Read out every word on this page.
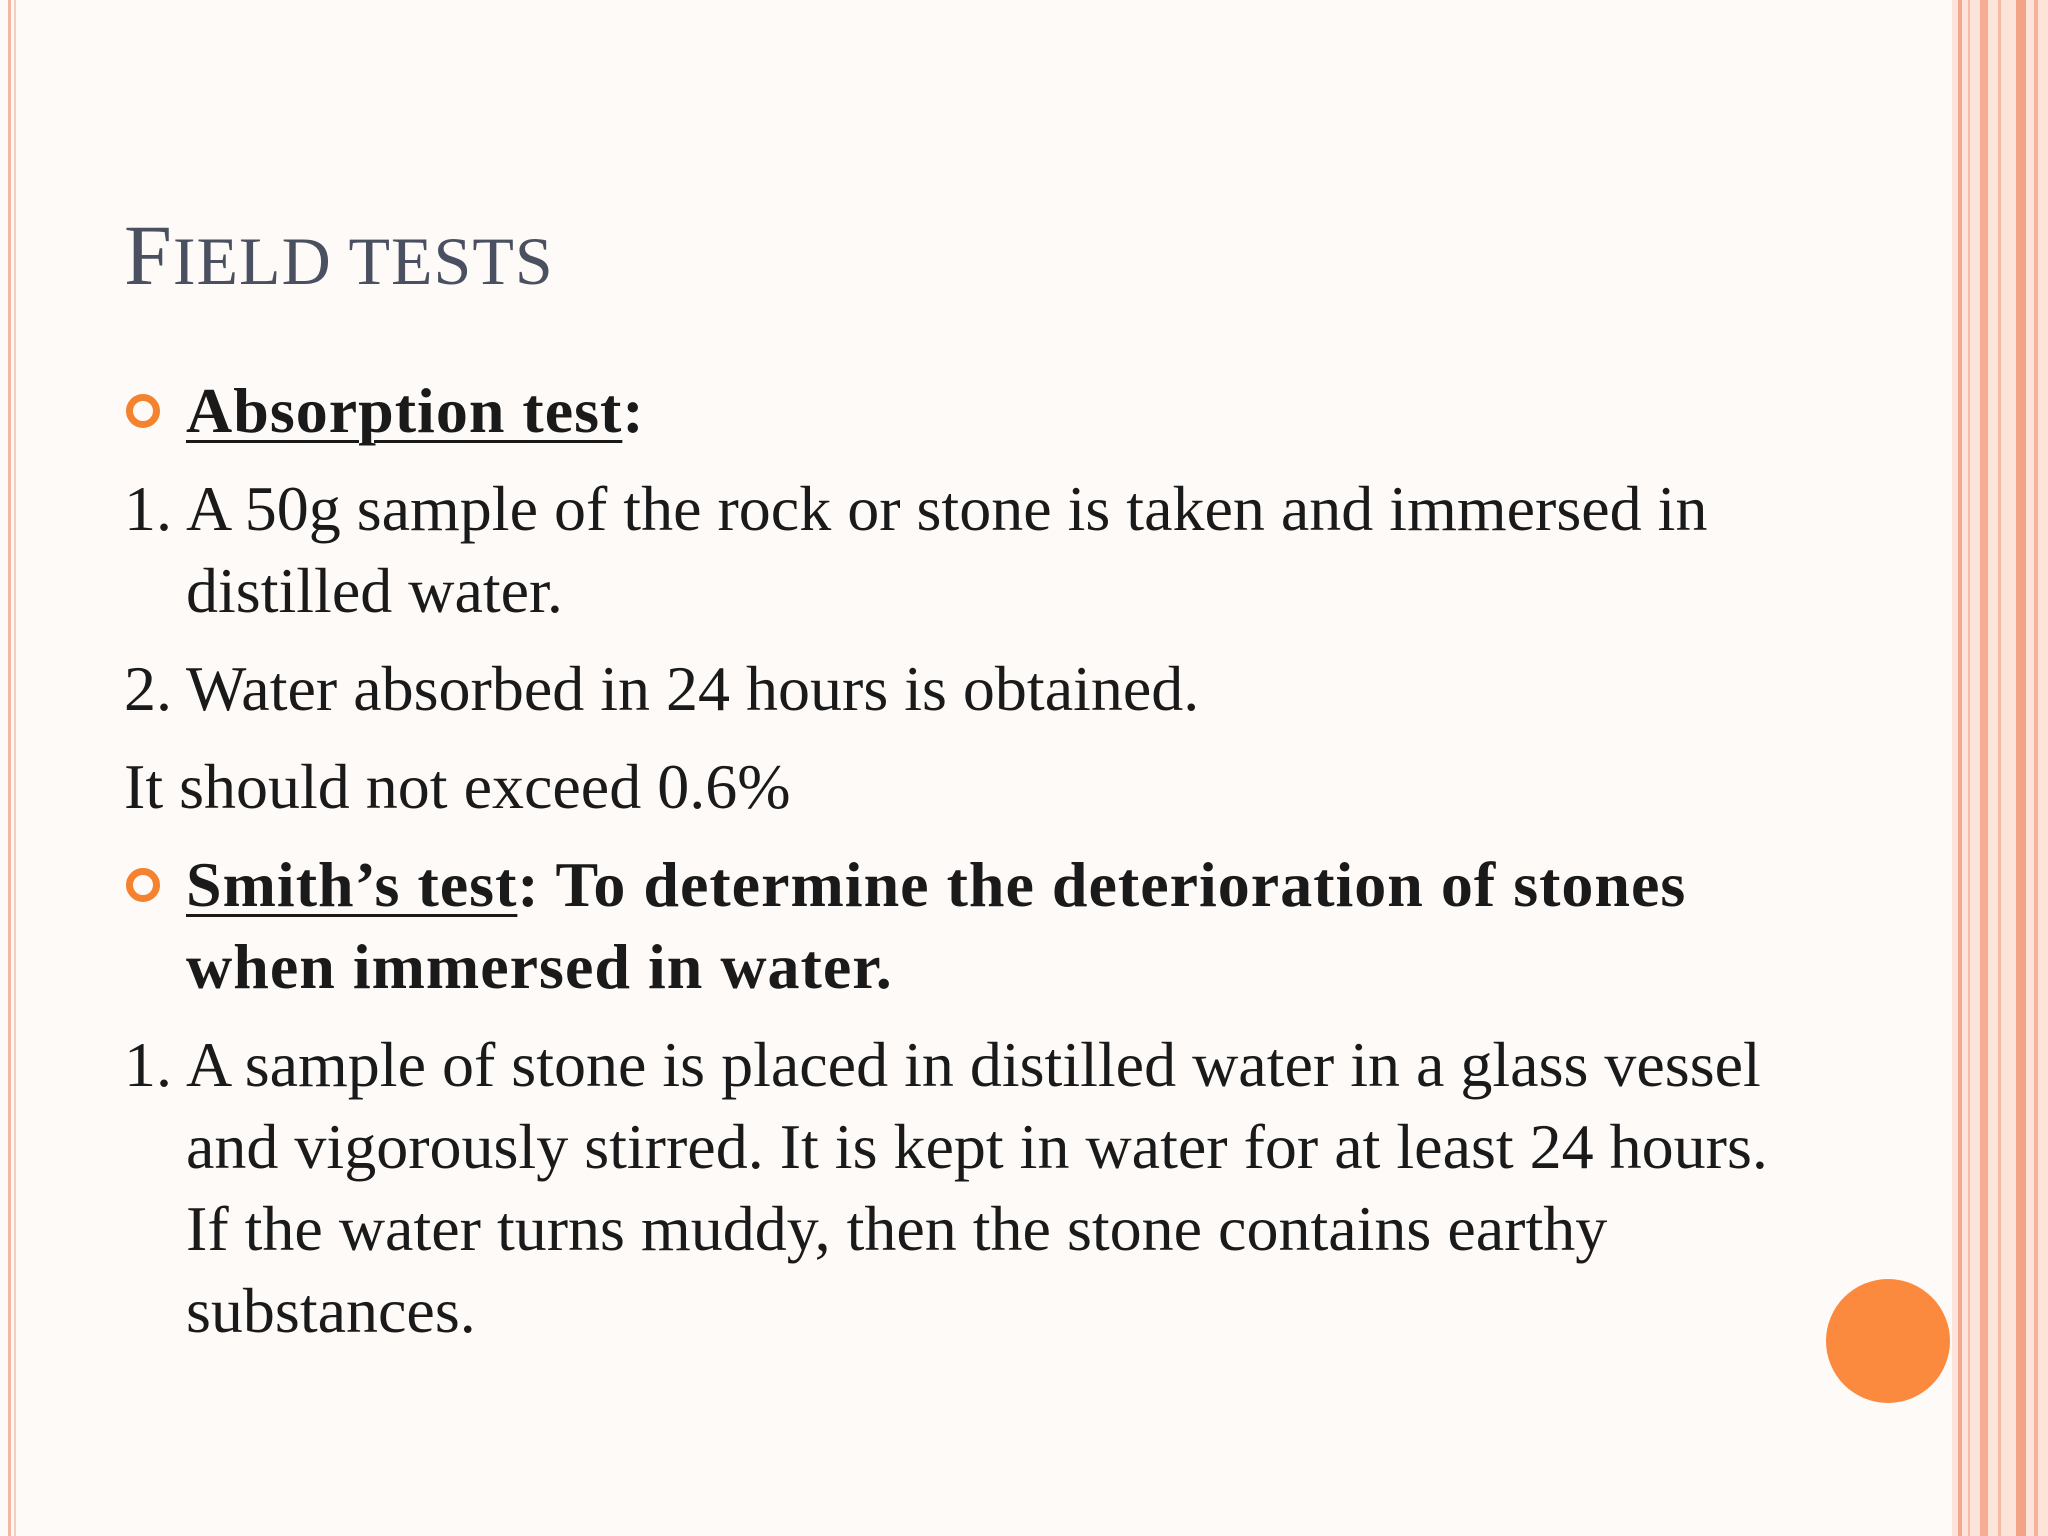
FIELD TESTS
Absorption test:
1. A 50g sample of the rock or stone is taken and immersed in distilled water.
2. Water absorbed in 24 hours is obtained.
It should not exceed 0.6%
Smith’s test: To determine the deterioration of stones when immersed in water.
1. A sample of stone is placed in distilled water in a glass vessel and vigorously stirred. It is kept in water for at least 24 hours. If the water turns muddy, then the stone contains earthy substances.
